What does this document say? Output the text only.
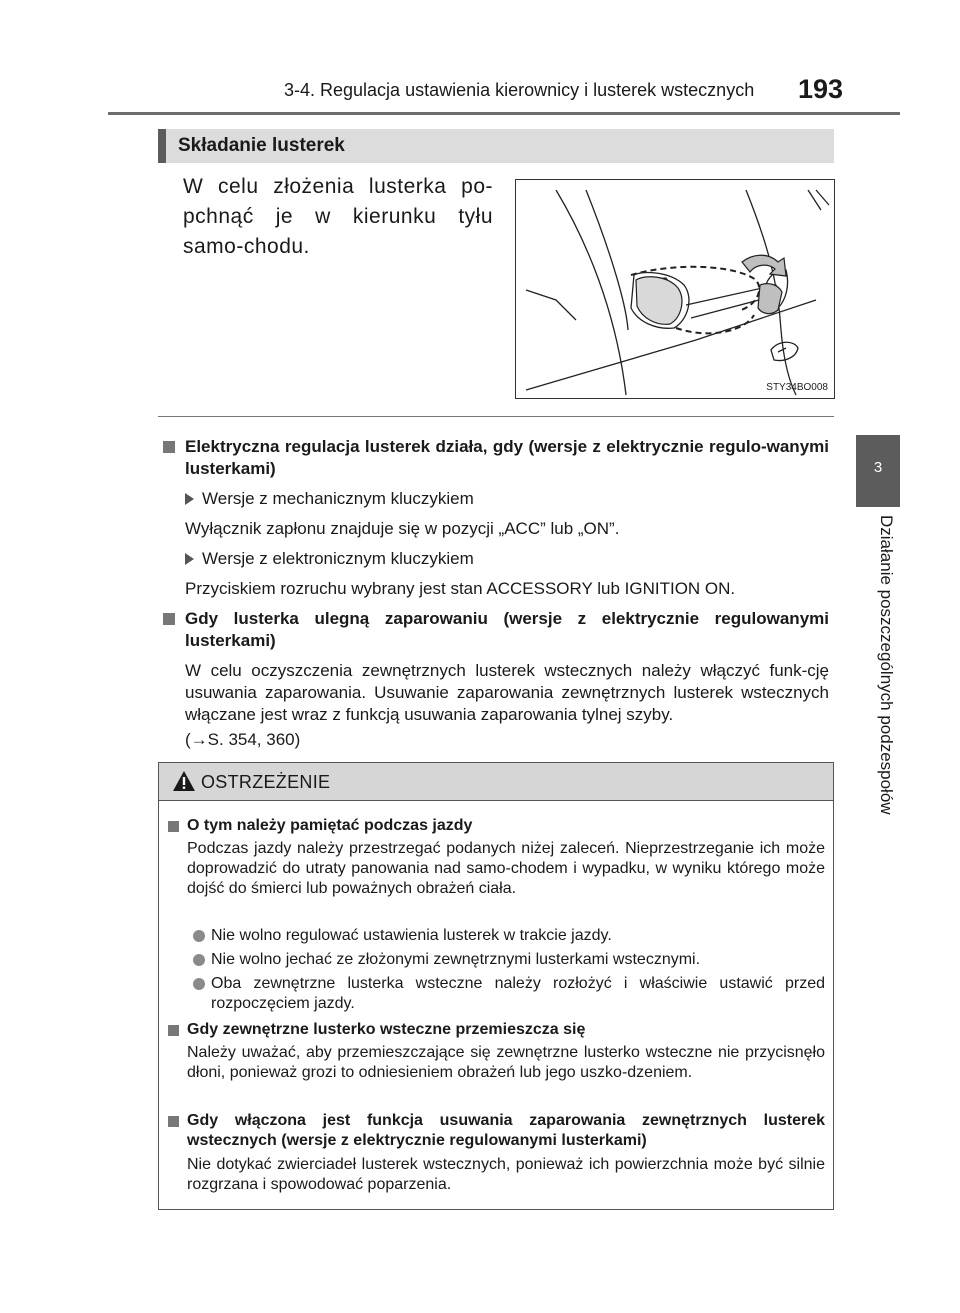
3-4. Regulacja ustawienia kierownicy i lusterek wstecznych 193
3
Działanie poszczególnych podzespołów
Składanie lusterek
W celu złożenia lusterka po-pchnąć je w kierunku tyłu samo-chodu.
STY34BO008
Elektryczna regulacja lusterek działa, gdy (wersje z elektrycznie regulo-wanymi lusterkami)
Wersje z mechanicznym kluczykiem
Wyłącznik zapłonu znajduje się w pozycji „ACC” lub „ON”.
Wersje z elektronicznym kluczykiem
Przyciskiem rozruchu wybrany jest stan ACCESSORY lub IGNITION ON.
Gdy lusterka ulegną zaparowaniu (wersje z elektrycznie regulowanymi lusterkami)
W celu oczyszczenia zewnętrznych lusterek wstecznych należy włączyć funk-cję usuwania zaparowania. Usuwanie zaparowania zewnętrznych lusterek wstecznych włączane jest wraz z funkcją usuwania zaparowania tylnej szyby.
(→S. 354, 360)
OSTRZEŻENIE
O tym należy pamiętać podczas jazdy
Podczas jazdy należy przestrzegać podanych niżej zaleceń. Nieprzestrzeganie ich może doprowadzić do utraty panowania nad samo-chodem i wypadku, w wyniku którego może dojść do śmierci lub poważnych obrażeń ciała.
Nie wolno regulować ustawienia lusterek w trakcie jazdy.
Nie wolno jechać ze złożonymi zewnętrznymi lusterkami wstecznymi.
Oba zewnętrzne lusterka wsteczne należy rozłożyć i właściwie ustawić przed rozpoczęciem jazdy.
Gdy zewnętrzne lusterko wsteczne przemieszcza się
Należy uważać, aby przemieszczające się zewnętrzne lusterko wsteczne nie przycisnęło dłoni, ponieważ grozi to odniesieniem obrażeń lub jego uszko-dzeniem.
Gdy włączona jest funkcja usuwania zaparowania zewnętrznych lusterek wstecznych (wersje z elektrycznie regulowanymi lusterkami)
Nie dotykać zwierciadeł lusterek wstecznych, ponieważ ich powierzchnia może być silnie rozgrzana i spowodować poparzenia.
